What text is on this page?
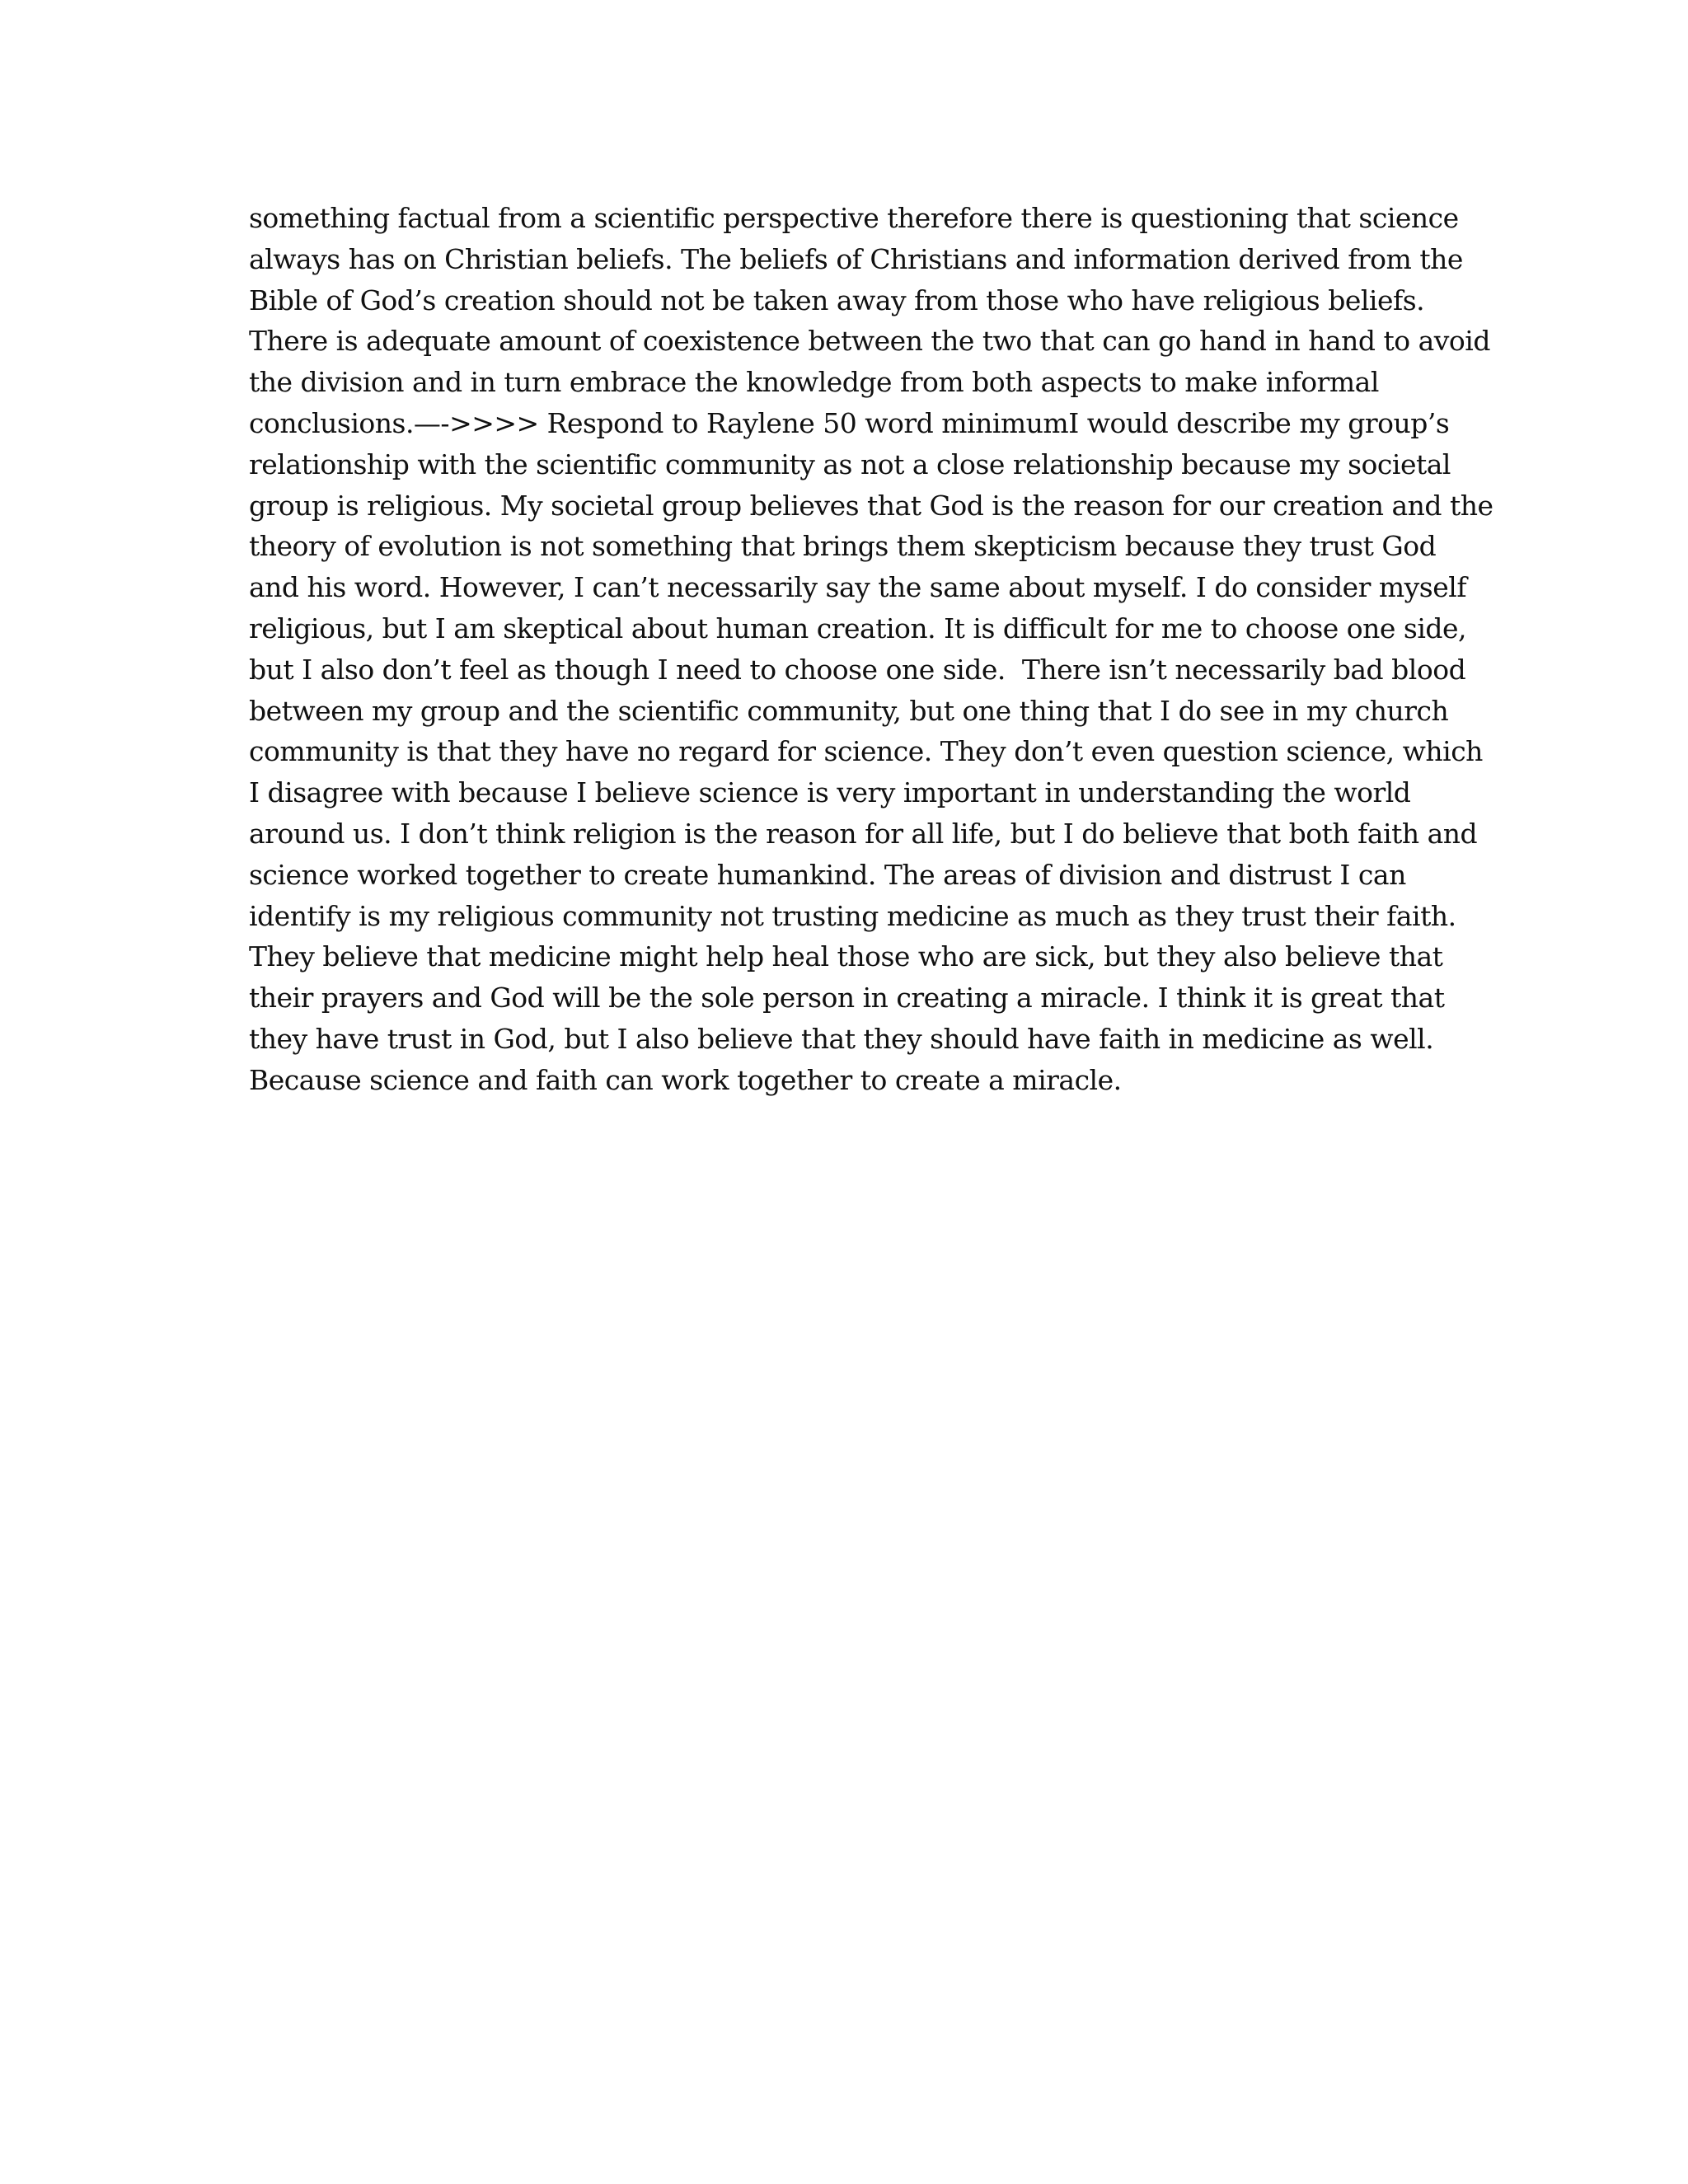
something factual from a scientific perspective therefore there is questioning that science
always has on Christian beliefs. The beliefs of Christians and information derived from the
Bible of God’s creation should not be taken away from those who have religious beliefs.
There is adequate amount of coexistence between the two that can go hand in hand to avoid
the division and in turn embrace the knowledge from both aspects to make informal
conclusions.—->>>> Respond to Raylene 50 word minimumI would describe my group’s
relationship with the scientific community as not a close relationship because my societal
group is religious. My societal group believes that God is the reason for our creation and the
theory of evolution is not something that brings them skepticism because they trust God
and his word. However, I can’t necessarily say the same about myself. I do consider myself
religious, but I am skeptical about human creation. It is difficult for me to choose one side,
but I also don’t feel as though I need to choose one side.  There isn’t necessarily bad blood
between my group and the scientific community, but one thing that I do see in my church
community is that they have no regard for science. They don’t even question science, which
I disagree with because I believe science is very important in understanding the world
around us. I don’t think religion is the reason for all life, but I do believe that both faith and
science worked together to create humankind. The areas of division and distrust I can
identify is my religious community not trusting medicine as much as they trust their faith.
They believe that medicine might help heal those who are sick, but they also believe that
their prayers and God will be the sole person in creating a miracle. I think it is great that
they have trust in God, but I also believe that they should have faith in medicine as well.
Because science and faith can work together to create a miracle.
